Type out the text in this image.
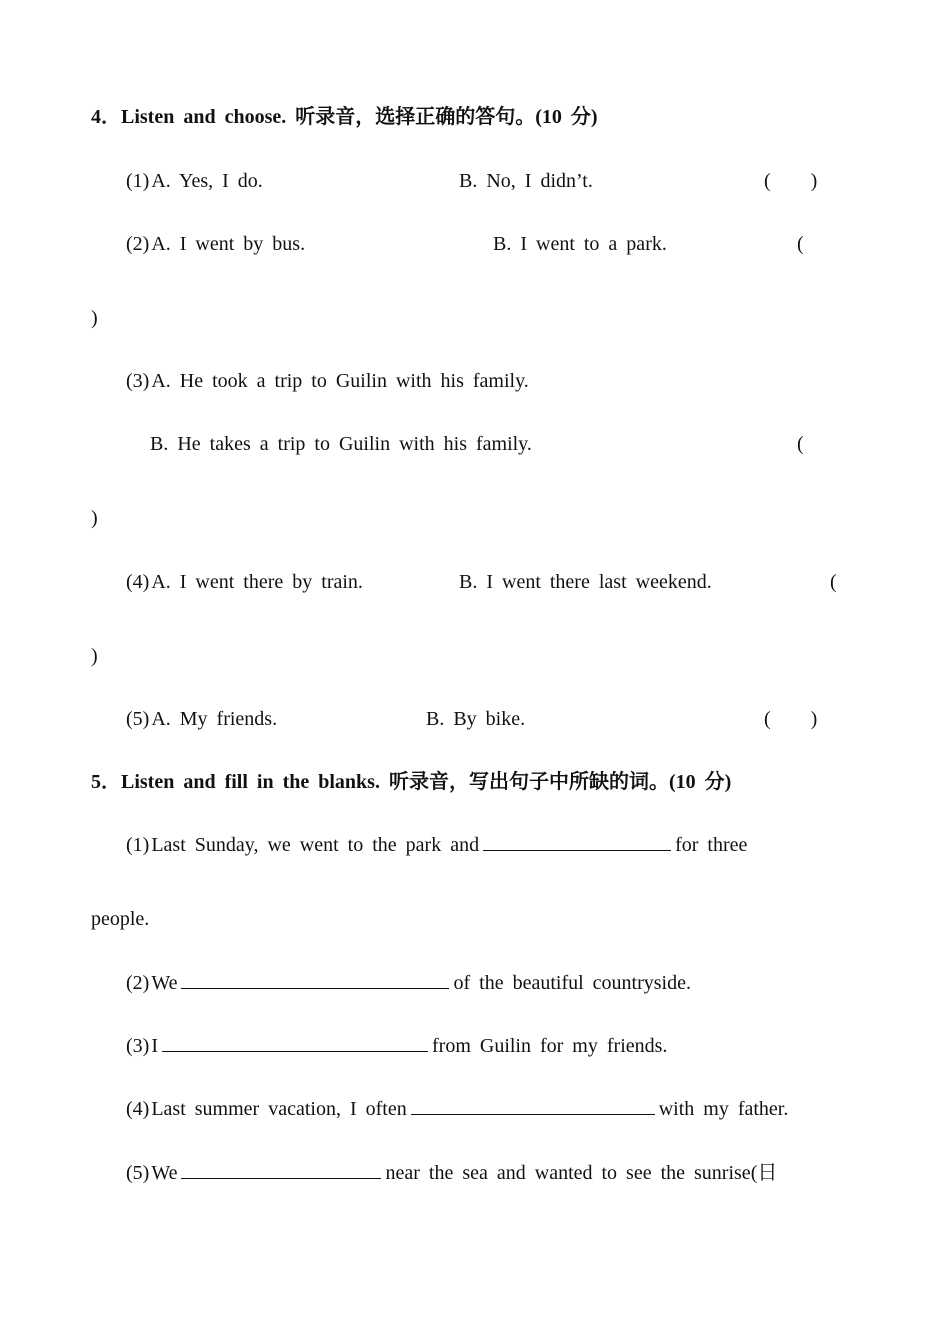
4．Listen and choose. 听录音，选择正确的答句。(10 分)
(1) A. Yes, I do.	B. No, I didn’t.	(　　)
(2) A. I went by bus.	B. I went to a park.	(
)
(3) A. He took a trip to Guilin with his family.
B. He takes a trip to Guilin with his family.	(
)
(4) A. I went there by train.	B. I went there last weekend.	(
)
(5) A. My friends.	B. By bike.	(　　)
5．Listen and fill in the blanks. 听录音，写出句子中所缺的词。(10 分)
(1) Last Sunday, we went to the park and	for three
people.
(2) We	of the beautiful countryside.
(3) I	from Guilin for my friends.
(4) Last summer vacation, I often	with my father.
(5) We	near the sea and wanted to see the sunrise(日
